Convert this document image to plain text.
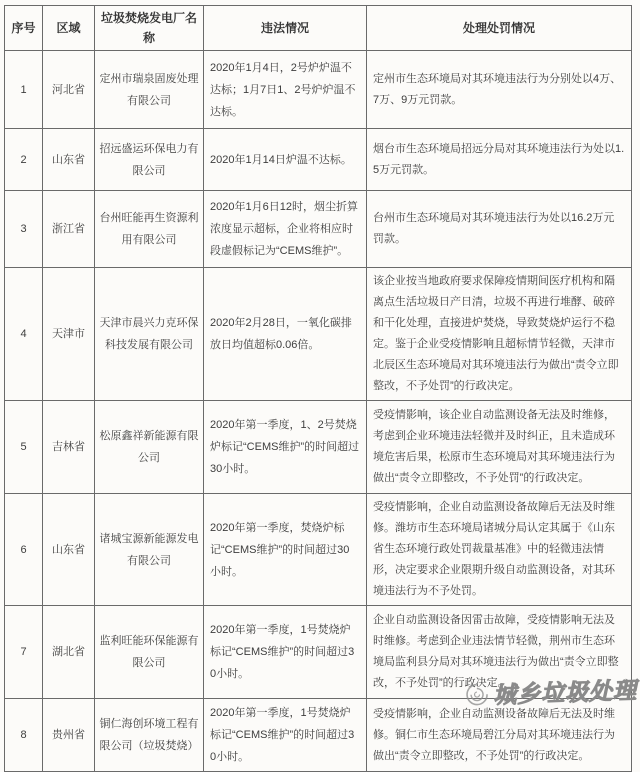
序号	区域	垃圾焚烧发电厂名称	违法情况	处理处罚情况
1	河北省	定州市瑞泉固废处理有限公司	2020年1月4日，2号炉炉温不达标；1月7日1、2号炉炉温不达标。	定州市生态环境局对其环境违法行为分别处以4万、7万、9万元罚款。
2	山东省	招远盛运环保电力有限公司	2020年1月14日炉温不达标。	烟台市生态环境局招远分局对其环境违法行为处以1.5万元罚款。
3	浙江省	台州旺能再生资源利用有限公司	2020年1月6日12时，烟尘折算浓度显示超标，企业将相应时段虚假标记为“CEMS维护”。	台州市生态环境局对其环境违法行为处以16.2万元罚款。
4	天津市	天津市晨兴力克环保科技发展有限公司	2020年2月28日，一氧化碳排放日均值超标0.06倍。	该企业按当地政府要求保障疫情期间医疗机构和隔离点生活垃圾日产日清，垃圾不再进行堆酵、破碎和干化处理，直接进炉焚烧，导致焚烧炉运行不稳定。鉴于企业受疫情影响且超标情节轻微，天津市北辰区生态环境局对其环境违法行为做出“责令立即整改，不予处罚”的行政决定。
5	吉林省	松原鑫祥新能源有限公司	2020年第一季度，1、2号焚烧炉标记“CEMS维护”的时间超过30小时。	受疫情影响，该企业自动监测设备无法及时维修，考虑到企业环境违法轻微并及时纠正，且未造成环境危害后果，松原市生态环境局对其环境违法行为做出“责令立即整改，不予处罚”的行政决定。
6	山东省	诸城宝源新能源发电有限公司	2020年第一季度，焚烧炉标记“CEMS维护”的时间超过30小时。	受疫情影响，企业自动监测设备故障后无法及时维修。潍坊市生态环境局诸城分局认定其属于《山东省生态环境行政处罚裁量基准》中的轻微违法情形，决定要求企业限期升级自动监测设备，对其环境违法行为不予处罚。
7	湖北省	监利旺能环保能源有限公司	2020年第一季度，1号焚烧炉标记“CEMS维护”的时间超过30小时。	企业自动监测设备因雷击故障，受疫情影响无法及时维修。考虑到企业违法情节轻微，荆州市生态环境局监利县分局对其环境违法行为做出“责令立即整改，不予处罚”的行政决定。
8	贵州省	铜仁海创环境工程有限公司（垃圾焚烧）	2020年第一季度，1号焚烧炉标记“CEMS维护”的时间超过30小时。	受疫情影响，企业自动监测设备故障后无法及时维修。铜仁市生态环境局碧江分局对其环境违法行为做出“责令立即整改，不予处罚”的行政决定。
城乡垃圾处理
